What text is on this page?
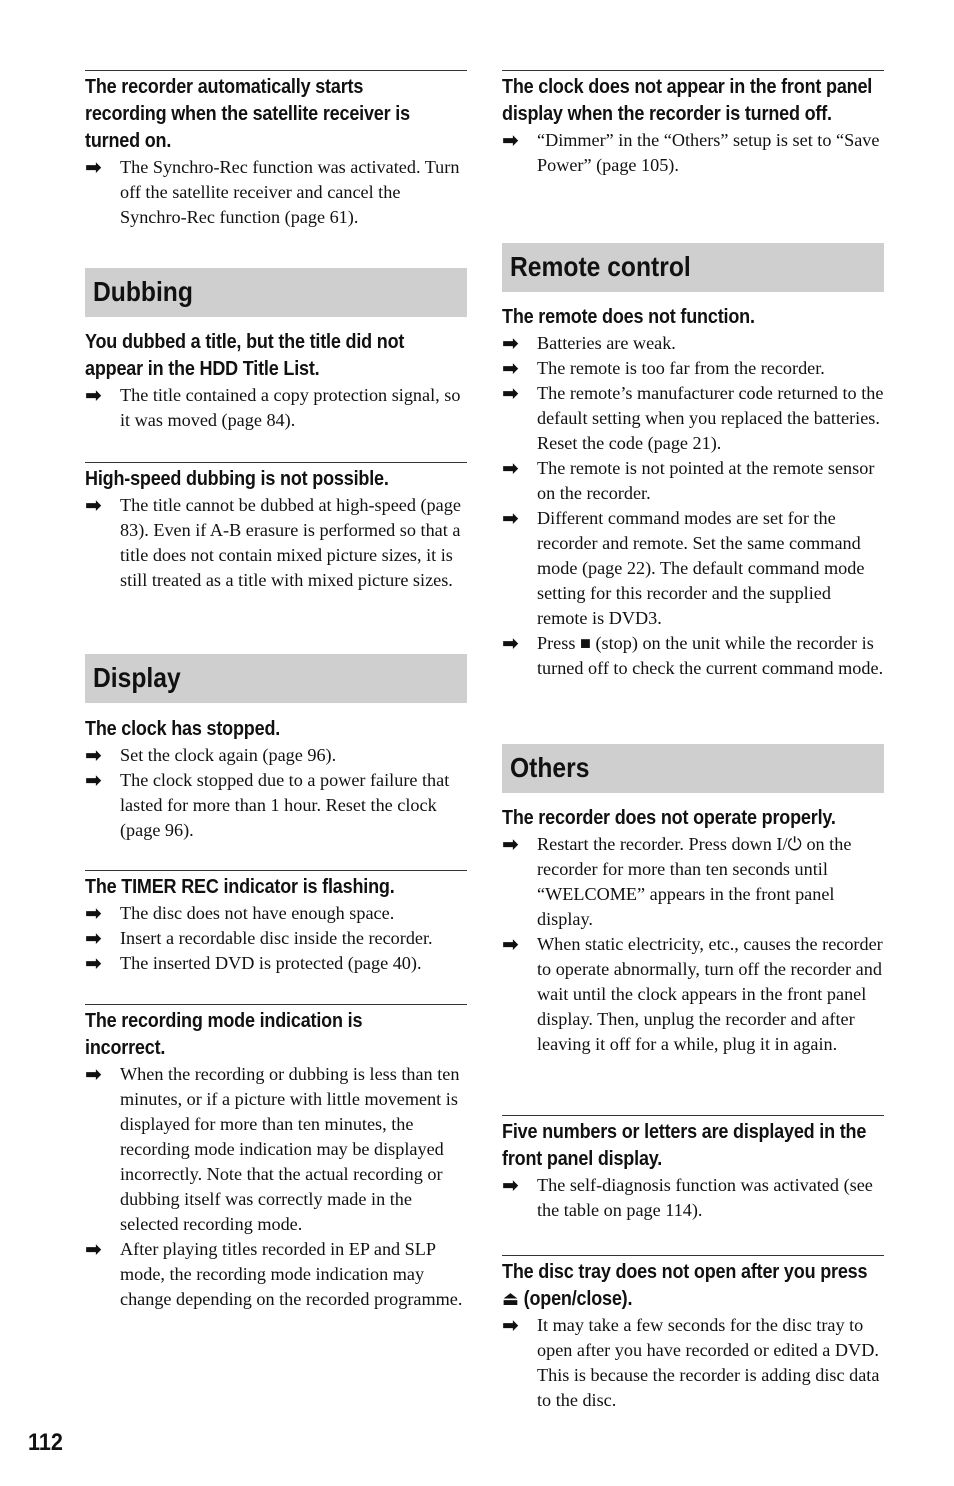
The recorder automatically starts recording when the satellite receiver is turned on.
➡	The Synchro-Rec function was activated. Turn off the satellite receiver and cancel the Synchro-Rec function (page 61).
Dubbing
You dubbed a title, but the title did not appear in the HDD Title List.
➡	The title contained a copy protection signal, so it was moved (page 84).
High-speed dubbing is not possible.
➡	The title cannot be dubbed at high-speed (page 83). Even if A-B erasure is performed so that a title does not contain mixed picture sizes, it is still treated as a title with mixed picture sizes.
Display
The clock has stopped.
➡	Set the clock again (page 96).
➡	The clock stopped due to a power failure that lasted for more than 1 hour. Reset the clock (page 96).
The TIMER REC indicator is flashing.
➡	The disc does not have enough space.
➡	Insert a recordable disc inside the recorder.
➡	The inserted DVD is protected (page 40).
The recording mode indication is incorrect.
➡	When the recording or dubbing is less than ten minutes, or if a picture with little movement is displayed for more than ten minutes, the recording mode indication may be displayed incorrectly. Note that the actual recording or dubbing itself was correctly made in the selected recording mode.
➡	After playing titles recorded in EP and SLP mode, the recording mode indication may change depending on the recorded programme.
The clock does not appear in the front panel display when the recorder is turned off.
➡	“Dimmer” in the “Others” setup is set to “Save Power” (page 105).
Remote control
The remote does not function.
➡	Batteries are weak.
➡	The remote is too far from the recorder.
➡	The remote’s manufacturer code returned to the default setting when you replaced the batteries. Reset the code (page 21).
➡	The remote is not pointed at the remote sensor on the recorder.
➡	Different command modes are set for the recorder and remote. Set the same command mode (page 22). The default command mode setting for this recorder and the supplied remote is DVD3.
➡	Press ■ (stop) on the unit while the recorder is turned off to check the current command mode.
Others
The recorder does not operate properly.
➡	Restart the recorder. Press down I/⏻ on the recorder for more than ten seconds until “WELCOME” appears in the front panel display.
➡	When static electricity, etc., causes the recorder to operate abnormally, turn off the recorder and wait until the clock appears in the front panel display. Then, unplug the recorder and after leaving it off for a while, plug it in again.
Five numbers or letters are displayed in the front panel display.
➡	The self-diagnosis function was activated (see the table on page 114).
The disc tray does not open after you press ⏏ (open/close).
➡	It may take a few seconds for the disc tray to open after you have recorded or edited a DVD. This is because the recorder is adding disc data to the disc.
112
